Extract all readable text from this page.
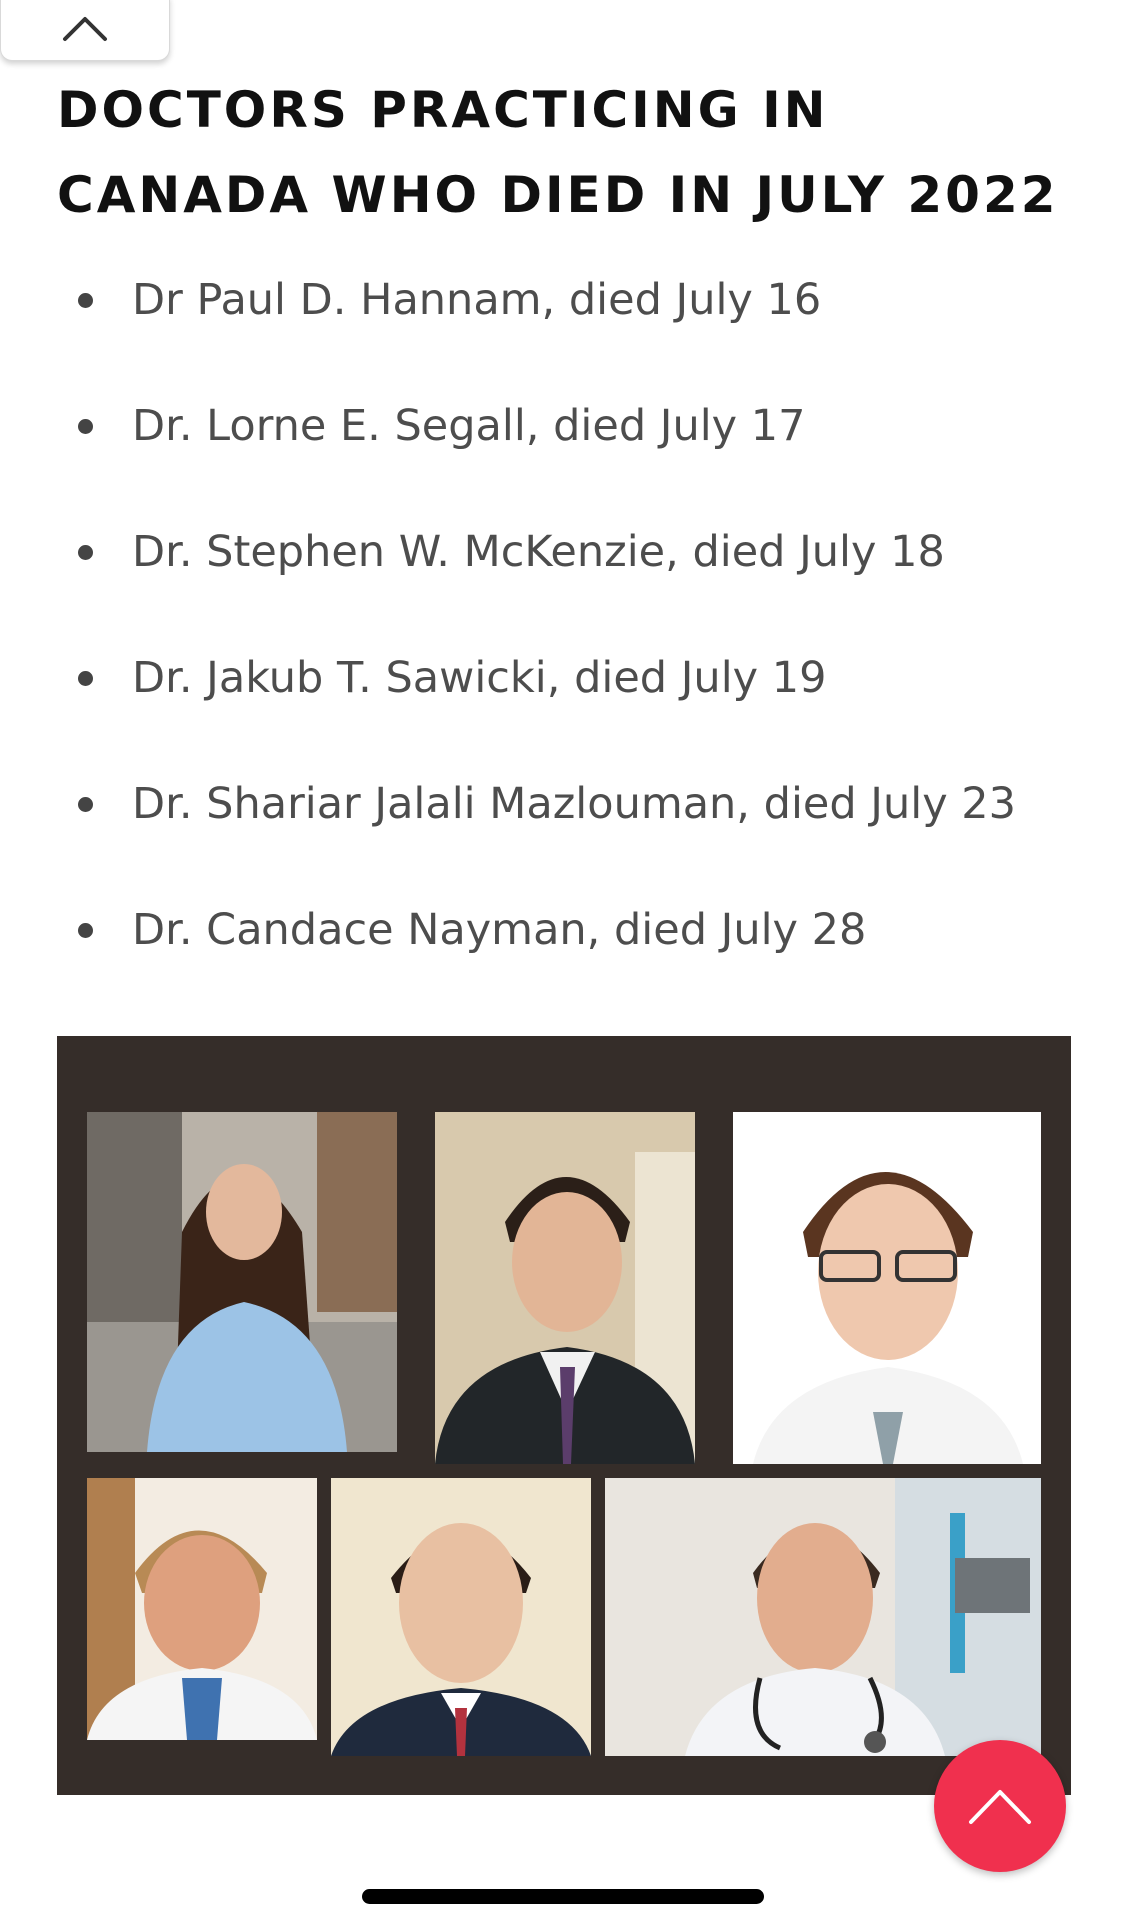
DOCTORS PRACTICING IN CANADA WHO DIED IN JULY 2022
Dr Paul D. Hannam, died July 16
Dr. Lorne E. Segall, died July 17
Dr. Stephen W. McKenzie, died July 18
Dr. Jakub T. Sawicki, died July 19
Dr. Shariar Jalali Mazlouman, died July 23
Dr. Candace Nayman, died July 28
